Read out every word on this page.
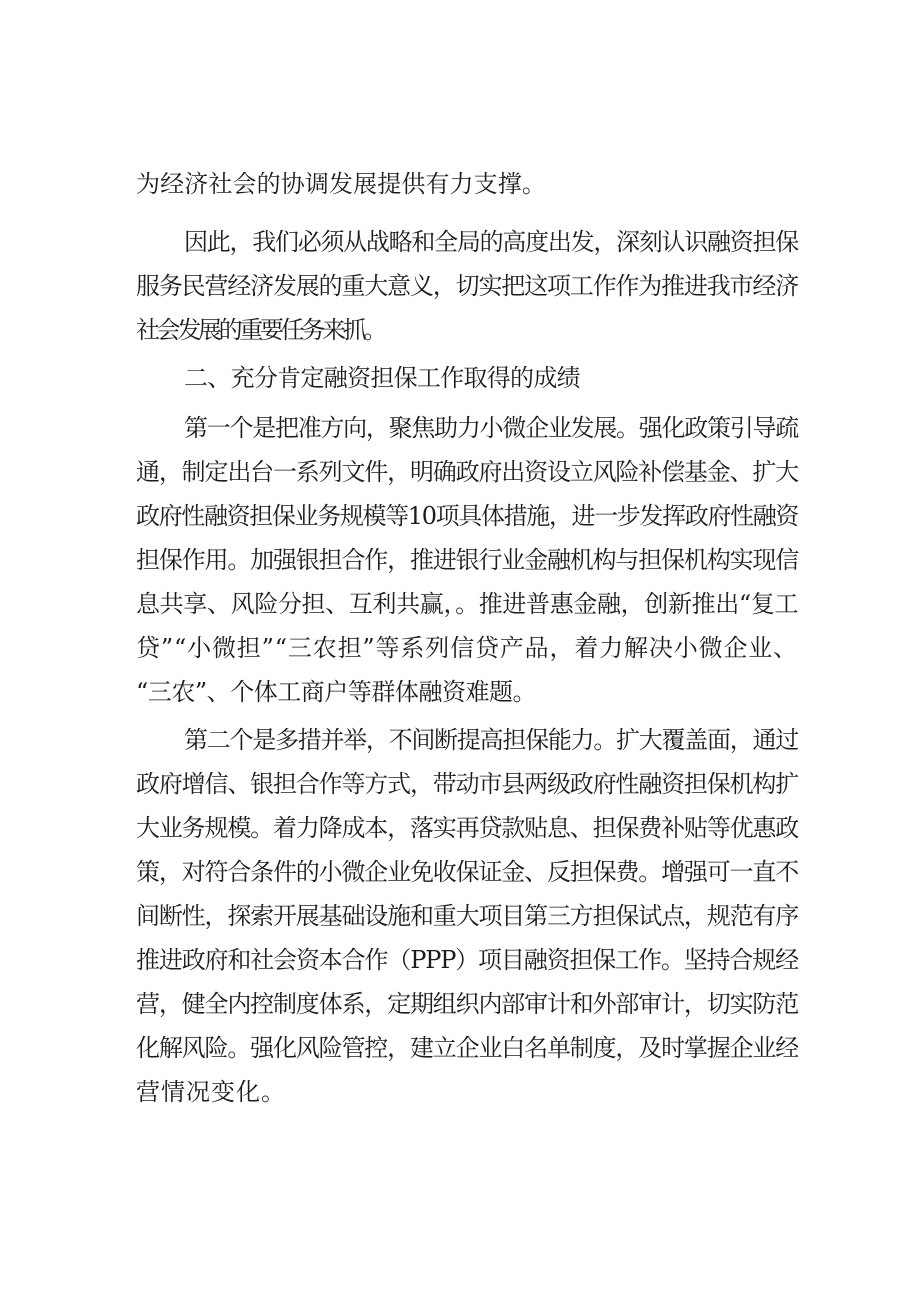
为经济社会的协调发展提供有力支撑。
因此，我们必须从战略和全局的高度出发，深刻认识融资担保
服务民营经济发展的重大意义，切实把这项工作作为推进我市经济
社会发展的重要任务来抓。
二、充分肯定融资担保工作取得的成绩
第一个是把准方向，聚焦助力小微企业发展。强化政策引导疏
通，制定出台一系列文件，明确政府出资设立风险补偿基金、扩大
政府性融资担保业务规模等10项具体措施，进一步发挥政府性融资
担保作用。加强银担合作，推进银行业金融机构与担保机构实现信
息共享、风险分担、互利共赢，。推进普惠金融，创新推出“复工
贷”“小微担”“三农担”等系列信贷产品，着力解决小微企业、
“三农”、个体工商户等群体融资难题。
第二个是多措并举，不间断提高担保能力。扩大覆盖面，通过
政府增信、银担合作等方式，带动市县两级政府性融资担保机构扩
大业务规模。着力降成本，落实再贷款贴息、担保费补贴等优惠政
策，对符合条件的小微企业免收保证金、反担保费。增强可一直不
间断性，探索开展基础设施和重大项目第三方担保试点，规范有序
推进政府和社会资本合作（PPP）项目融资担保工作。坚持合规经
营，健全内控制度体系，定期组织内部审计和外部审计，切实防范
化解风险。强化风险管控，建立企业白名单制度，及时掌握企业经
营情况变化。
